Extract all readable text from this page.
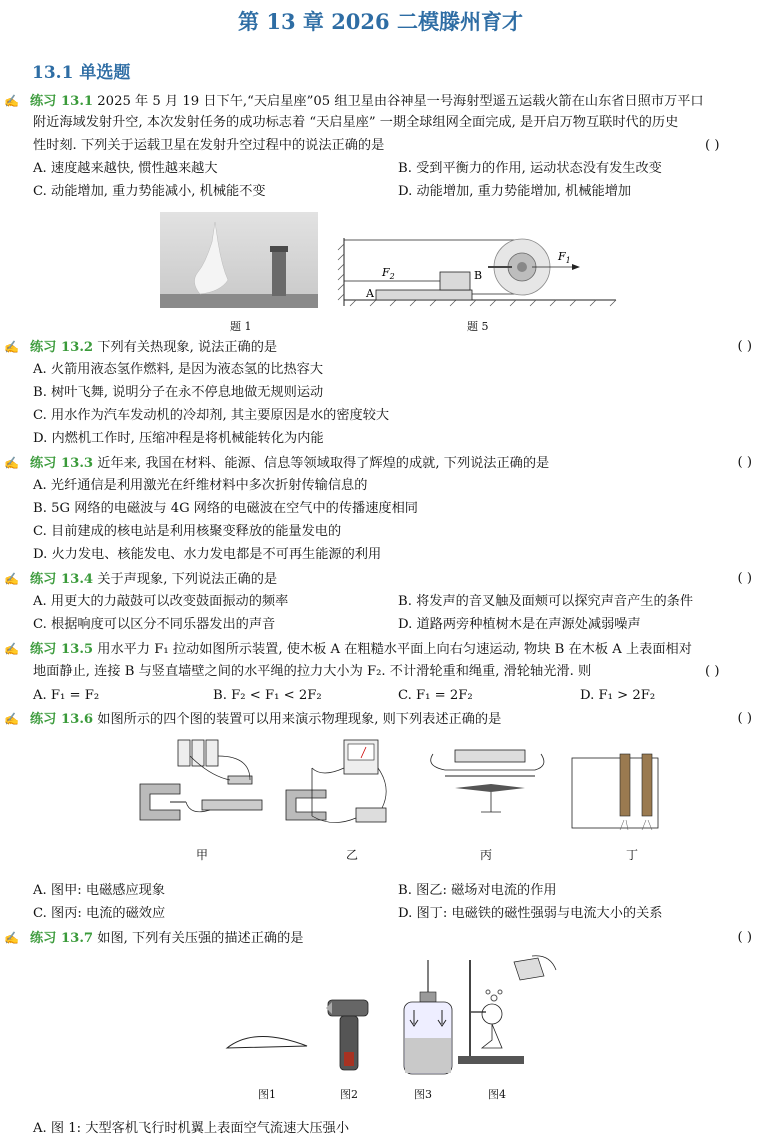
第 13 章 2026 二模滕州育才
13.1 单选题
✍ 练习 13.1 2025 年 5 月 19 日下午,“天启星座”05 组卫星由谷神星一号海射型遥五运载火箭在山东省日照市万平口
附近海域发射升空, 本次发射任务的成功标志着 “天启星座” 一期全球组网全面完成, 是开启万物互联时代的历史
性时刻. 下列关于运载卫星在发射升空过程中的说法正确的是	( )
A. 速度越来越快, 惯性越来越大	B. 受到平衡力的作用, 运动状态没有发生改变
C. 动能增加, 重力势能减小, 机械能不变	D. 动能增加, 重力势能增加, 机械能增加
题 1
$F_2$
$F_1$
A
B
题 5
✍ 练习 13.2 下列有关热现象, 说法正确的是	( )
A. 火箭用液态氢作燃料, 是因为液态氢的比热容大
B. 树叶飞舞, 说明分子在永不停息地做无规则运动
C. 用水作为汽车发动机的冷却剂, 其主要原因是水的密度较大
D. 内燃机工作时, 压缩冲程是将机械能转化为内能
✍ 练习 13.3 近年来, 我国在材料、能源、信息等领域取得了辉煌的成就, 下列说法正确的是	( )
A. 光纤通信是利用激光在纤维材料中多次折射传输信息的
B. 5G 网络的电磁波与 4G 网络的电磁波在空气中的传播速度相同
C. 目前建成的核电站是利用核聚变释放的能量发电的
D. 火力发电、核能发电、水力发电都是不可再生能源的利用
✍ 练习 13.4 关于声现象, 下列说法正确的是	( )
A. 用更大的力敲鼓可以改变鼓面振动的频率	B. 将发声的音叉触及面颊可以探究声音产生的条件
C. 根据响度可以区分不同乐器发出的声音	D. 道路两旁种植树木是在声源处减弱噪声
✍ 练习 13.5 用水平力 F₁ 拉动如图所示装置, 使木板 A 在粗糙水平面上向右匀速运动, 物块 B 在木板 A 上表面相对
地面静止, 连接 B 与竖直墙壁之间的水平绳的拉力大小为 F₂. 不计滑轮重和绳重, 滑轮轴光滑. 则	( )
A. F₁ = F₂	B. F₂ < F₁ < 2F₂	C. F₁ = 2F₂	D. F₁ > 2F₂
✍ 练习 13.6 如图所示的四个图的装置可以用来演示物理现象, 则下列表述正确的是	( )
甲	乙	丙	丁
A. 图甲: 电磁感应现象	B. 图乙: 磁场对电流的作用
C. 图丙: 电流的磁效应	D. 图丁: 电磁铁的磁性强弱与电流大小的关系
✍ 练习 13.7 如图, 下列有关压强的描述正确的是	( )
图1	图2	图3	图4
A. 图 1: 大型客机飞行时机翼上表面空气流速大压强小
